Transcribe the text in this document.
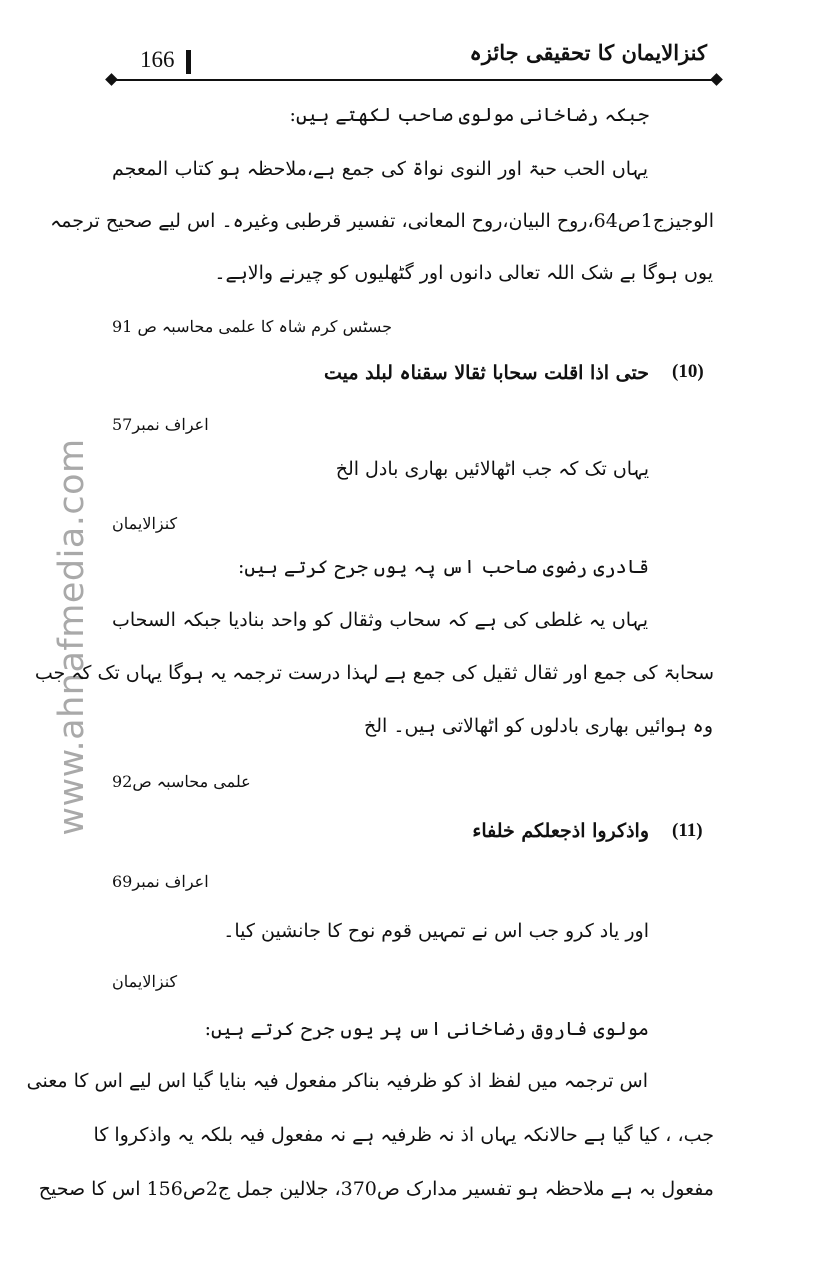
166	کنزالایمان کا تحقیقی جائزہ
www.ahnafmedia.com
جبکہ رضاخانی مولوی صاحب لکھتے ہیں:
یہاں الحب حبۃ اور النوی نواۃ کی جمع ہے،ملاحظہ ہو کتاب المعجم
الوجیزج1ص64،روح البیان،روح المعانی، تفسیر قرطبی وغیرہ۔ اس لیے صحیح ترجمہ
یوں ہوگا بے شک اللہ تعالی دانوں اور گٹھلیوں کو چیرنے والاہے۔
جسٹس کرم شاہ کا علمی محاسبہ ص 91
(10)
حتی اذا اقلت سحابا ثقالا سقناہ لبلد میت
اعراف نمبر57
یہاں تک کہ جب اٹھالائیں بھاری بادل الخ
کنزالایمان
قادری رضوی صاحب اس پہ یوں جرح کرتے ہیں:
یہاں یہ غلطی کی ہے کہ سحاب وثقال کو واحد بنادیا جبکہ السحاب
سحابۃ کی جمع اور ثقال ثقیل کی جمع ہے لہذا درست ترجمہ یہ ہوگا یہاں تک کہ جب
وہ ہوائیں بھاری بادلوں کو اٹھالاتی ہیں۔ الخ
علمی محاسبہ ص92
(11)
واذکروا اذجعلکم خلفاء
اعراف نمبر69
اور یاد کرو جب اس نے تمہیں قوم نوح کا جانشین کیا۔
کنزالایمان
مولوی فاروق رضاخانی اس پر یوں جرح کرتے ہیں:
اس ترجمہ میں لفظ اذ کو ظرفیہ بناکر مفعول فیہ بنایا گیا اس لیے اس کا معنی
جب، ، کیا گیا ہے حالانکہ یہاں اذ نہ ظرفیہ ہے نہ مفعول فیہ بلکہ یہ واذکروا کا
مفعول بہ ہے ملاحظہ ہو تفسیر مدارک ص370، جلالین جمل ج2ص156 اس کا صحیح
